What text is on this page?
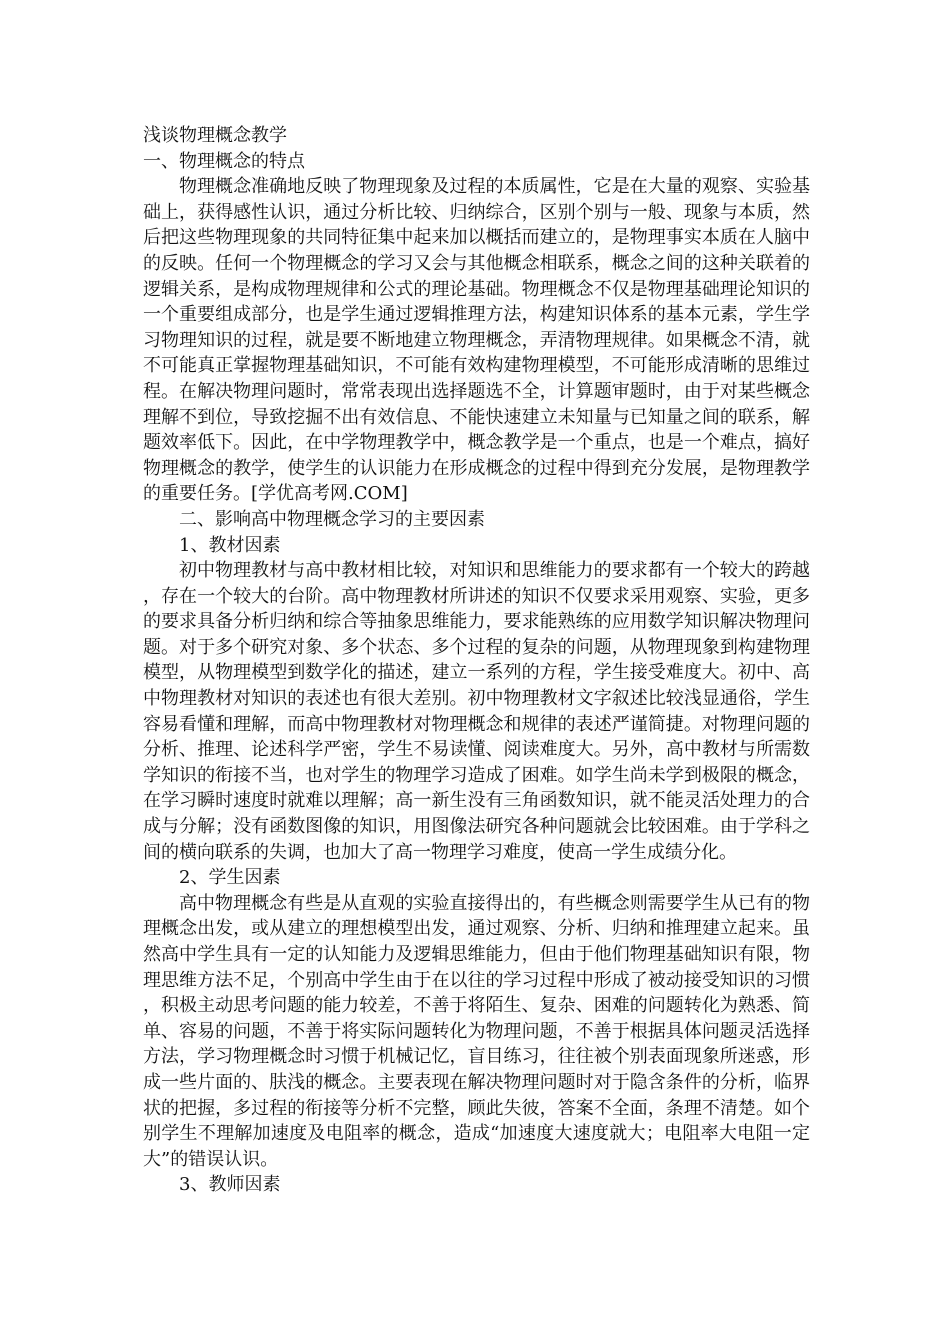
浅谈物理概念教学

一、物理概念的特点

物理概念准确地反映了物理现象及过程的本质属性，它是在大量的观察、实验基础上，获得感性认识，通过分析比较、归纳综合，区别个别与一般、现象与本质，然后把这些物理现象的共同特征集中起来加以概括而建立的，是物理事实本质在人脑中的反映。任何一个物理概念的学习又会与其他概念相联系，概念之间的这种关联着的逻辑关系，是构成物理规律和公式的理论基础。物理概念不仅是物理基础理论知识的一个重要组成部分，也是学生通过逻辑推理方法，构建知识体系的基本元素，学生学习物理知识的过程，就是要不断地建立物理概念，弄清物理规律。如果概念不清，就不可能真正掌握物理基础知识，不可能有效构建物理模型，不可能形成清晰的思维过程。在解决物理问题时，常常表现出选择题选不全，计算题审题时，由于对某些概念理解不到位，导致挖掘不出有效信息、不能快速建立未知量与已知量之间的联系，解题效率低下。因此，在中学物理教学中，概念教学是一个重点，也是一个难点，搞好物理概念的教学，使学生的认识能力在形成概念的过程中得到充分发展，是物理教学的重要任务。[学优高考网.COM]

二、影响高中物理概念学习的主要因素

1、教材因素

初中物理教材与高中教材相比较，对知识和思维能力的要求都有一个较大的跨越，存在一个较大的台阶。高中物理教材所讲述的知识不仅要求采用观察、实验，更多的要求具备分析归纳和综合等抽象思维能力，要求能熟练的应用数学知识解决物理问题。对于多个研究对象、多个状态、多个过程的复杂的问题，从物理现象到构建物理模型，从物理模型到数学化的描述，建立一系列的方程，学生接受难度大。初中、高中物理教材对知识的表述也有很大差别。初中物理教材文字叙述比较浅显通俗，学生容易看懂和理解，而高中物理教材对物理概念和规律的表述严谨简捷。对物理问题的分析、推理、论述科学严密，学生不易读懂、阅读难度大。另外，高中教材与所需数学知识的衔接不当，也对学生的物理学习造成了困难。如学生尚未学到极限的概念，在学习瞬时速度时就难以理解；高一新生没有三角函数知识，就不能灵活处理力的合成与分解；没有函数图像的知识，用图像法研究各种问题就会比较困难。由于学科之间的横向联系的失调，也加大了高一物理学习难度，使高一学生成绩分化。

2、学生因素

高中物理概念有些是从直观的实验直接得出的，有些概念则需要学生从已有的物理概念出发，或从建立的理想模型出发，通过观察、分析、归纳和推理建立起来。虽然高中学生具有一定的认知能力及逻辑思维能力，但由于他们物理基础知识有限，物理思维方法不足，个别高中学生由于在以往的学习过程中形成了被动接受知识的习惯，积极主动思考问题的能力较差，不善于将陌生、复杂、困难的问题转化为熟悉、简单、容易的问题，不善于将实际问题转化为物理问题，不善于根据具体问题灵活选择方法，学习物理概念时习惯于机械记忆，盲目练习，往往被个别表面现象所迷惑，形成一些片面的、肤浅的概念。主要表现在解决物理问题时对于隐含条件的分析，临界状的把握，多过程的衔接等分析不完整，顾此失彼，答案不全面，条理不清楚。如个别学生不理解加速度及电阻率的概念，造成“加速度大速度就大；电阻率大电阻一定大”的错误认识。

3、教师因素
